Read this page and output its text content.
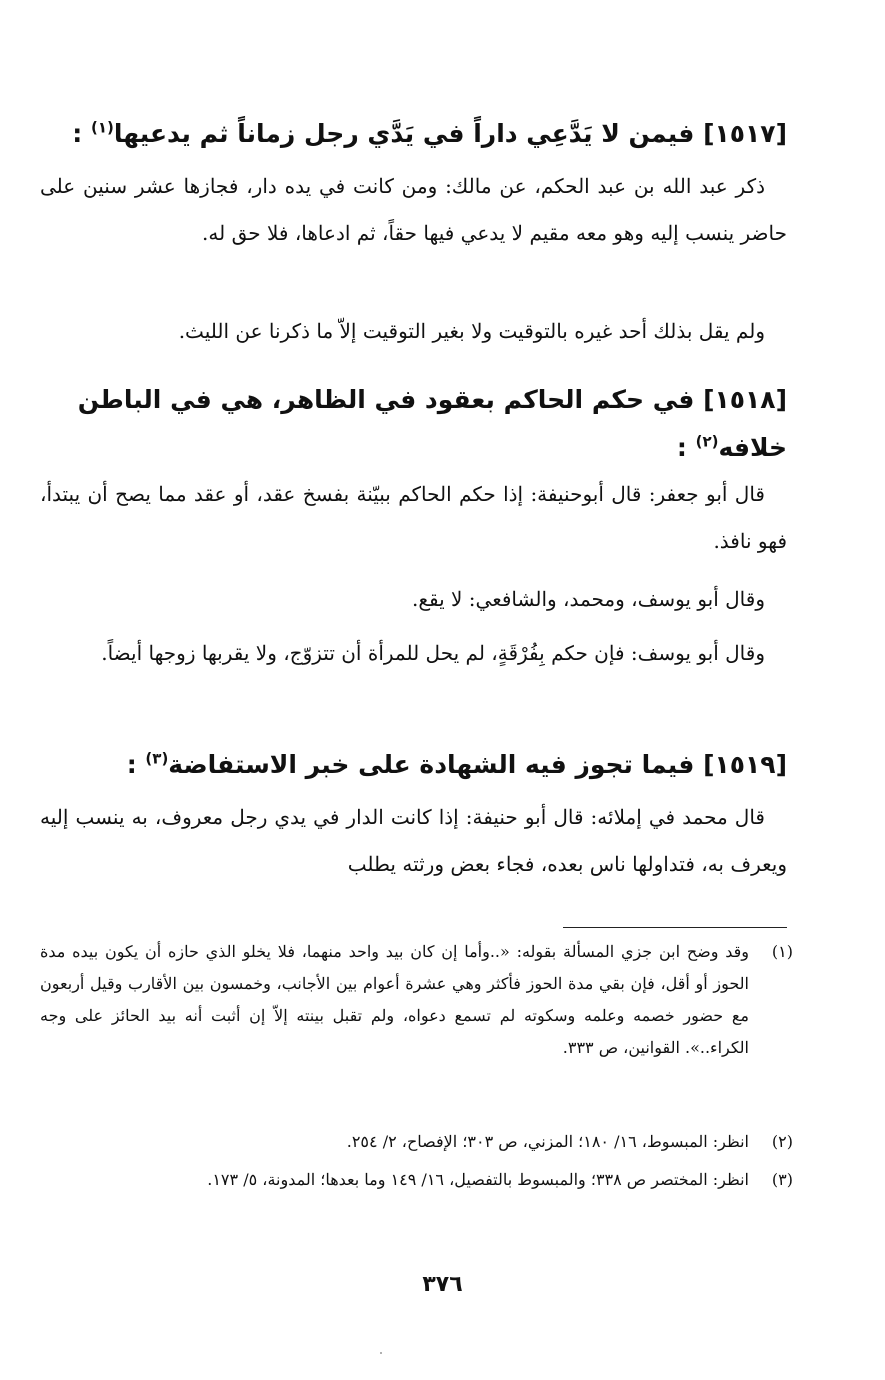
[١٥١٧] فيمن لا يَدَّعِي داراً في يَدَّي رجل زماناً ثم يدعيها$^{(١)}$ :
ذكر عبد الله بن عبد الحكم، عن مالك: ومن كانت في يده دار، فجازها عشر سنين على حاضر ينسب إليه وهو معه مقيم لا يدعي فيها حقاً، ثم ادعاها، فلا حق له.
ولم يقل بذلك أحد غيره بالتوقيت ولا بغير التوقيت إلاّ ما ذكرنا عن الليث.
[١٥١٨] في حكم الحاكم بعقود في الظاهر، هي في الباطن
خلافه$^{(٢)}$ :
قال أبو جعفر: قال أبوحنيفة: إذا حكم الحاكم ببيّنة بفسخ عقد، أو عقد مما يصح أن يبتدأ، فهو نافذ.
وقال أبو يوسف، ومحمد، والشافعي: لا يقع.
وقال أبو يوسف: فإن حكم بِفُرْقَةٍ، لم يحل للمرأة أن تتزوّج، ولا يقربها زوجها أيضاً.
[١٥١٩] فيما تجوز فيه الشهادة على خبر الاستفاضة$^{(٣)}$ :
قال محمد في إملائه: قال أبو حنيفة: إذا كانت الدار في يدي رجل معروف، به ينسب إليه ويعرف به، فتداولها ناس بعده، فجاء بعض ورثته يطلب
(١)
وقد وضح ابن جزي المسألة بقوله: «..وأما إن كان بيد واحد منهما، فلا يخلو الذي حازه أن يكون بيده مدة الحوز أو أقل، فإن بقي مدة الحوز فأكثر وهي عشرة أعوام بين الأجانب، وخمسون بين الأقارب وقيل أربعون مع حضور خصمه وعلمه وسكوته لم تسمع دعواه، ولم تقبل بينته إلاّ إن أثبت أنه بيد الحائز على وجه الكراء..». القوانين، ص ٣٣٣.
(٢)
انظر: المبسوط، ١٦/ ١٨٠؛ المزني، ص ٣٠٣؛ الإفصاح، ٢/ ٢٥٤.
(٣)
انظر: المختصر ص ٣٣٨؛ والمبسوط بالتفصيل، ١٦/ ١٤٩ وما بعدها؛ المدونة، ٥/ ١٧٣.
٣٧٦
